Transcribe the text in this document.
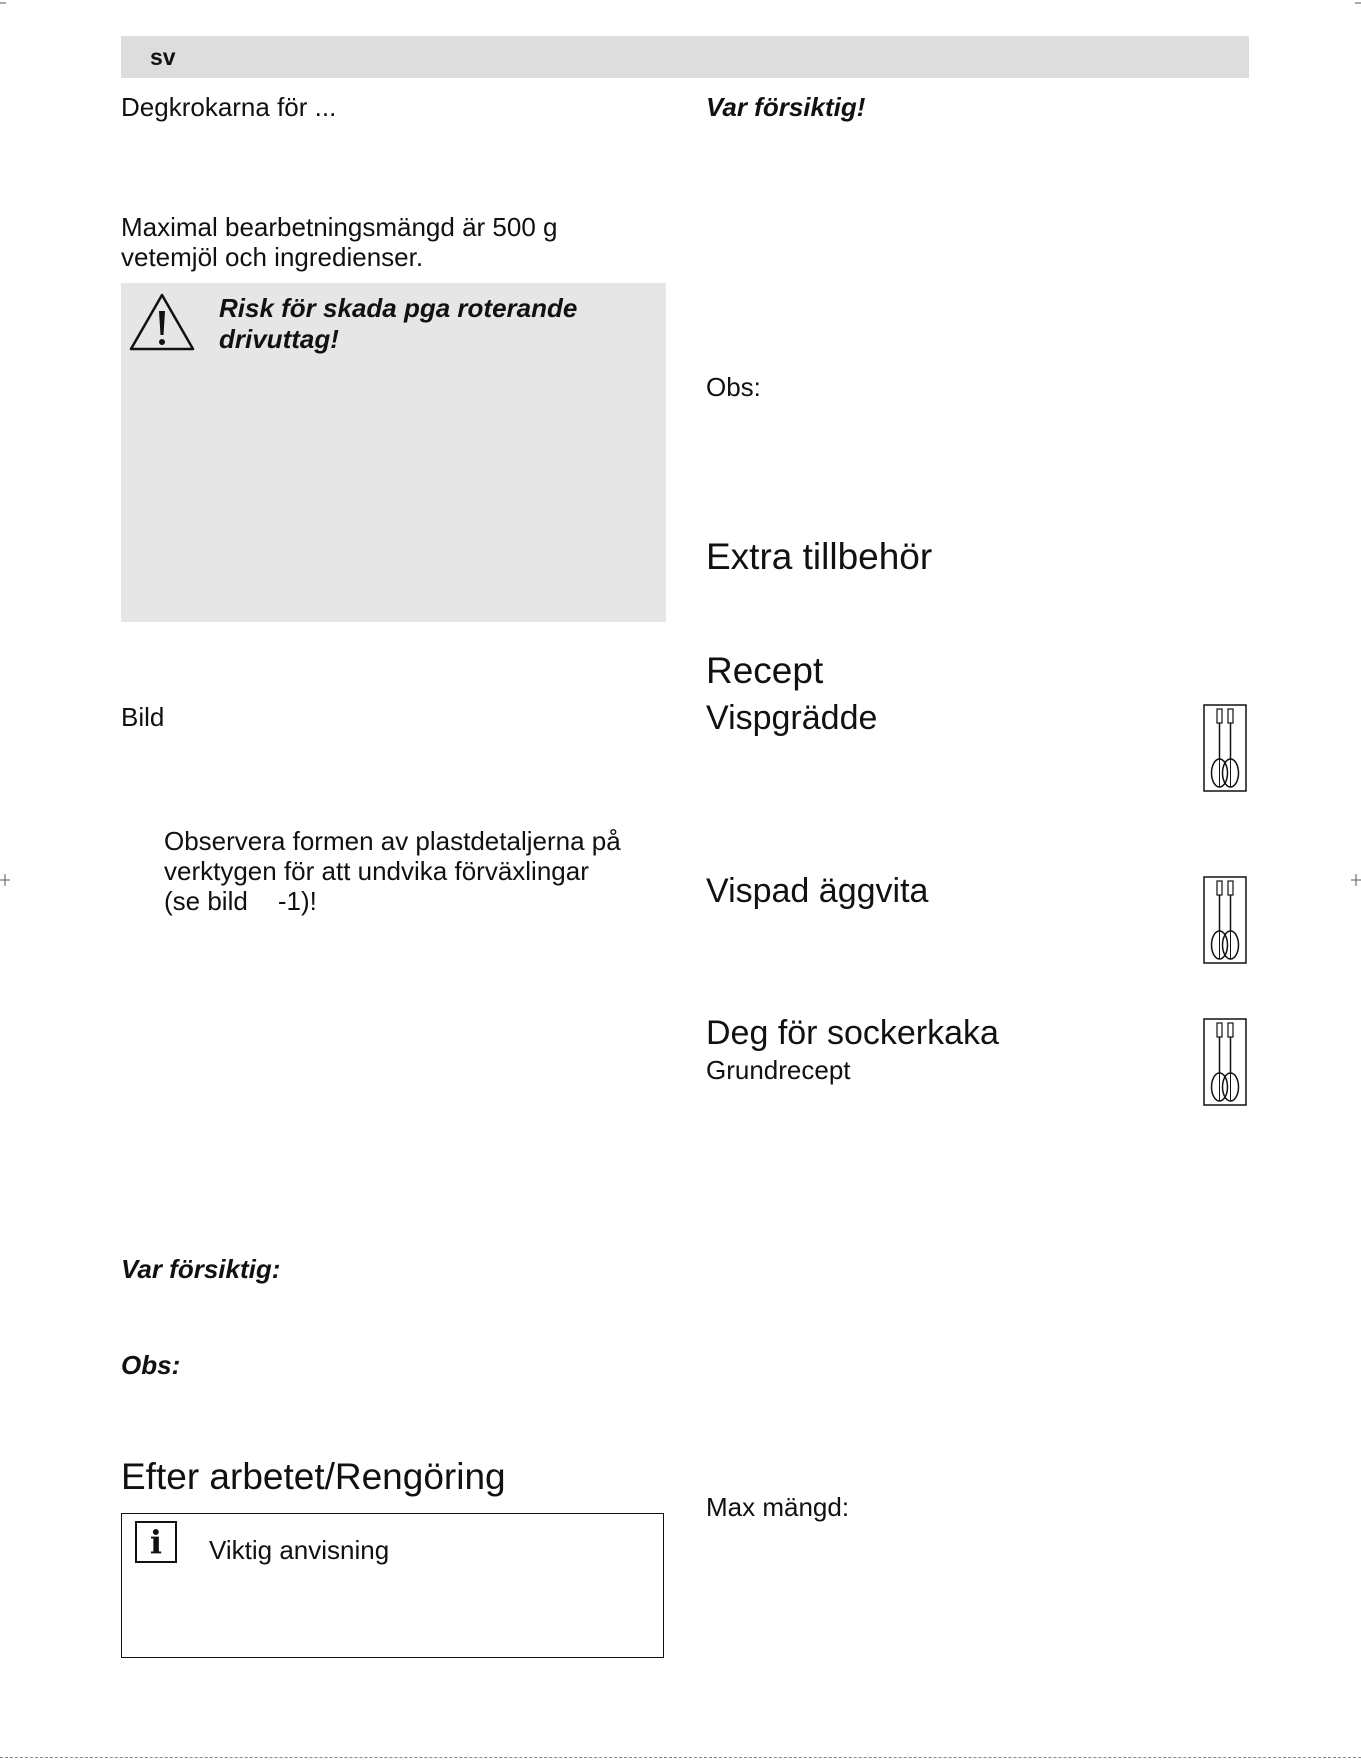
sv
Degkrokarna för ...
Maximal bearbetningsmängd är 500 g
vetemjöl och ingredienser.
Risk för skada pga roterande
drivuttag!
Bild
Observera formen av plastdetaljerna på
verktygen för att undvika förväxlingar
(se bild -1)!
Var försiktig:
Obs:
Efter arbetet/Rengöring
i	Viktig anvisning
Var försiktig!
Obs:
Extra tillbehör
Recept
Vispgrädde
Vispad äggvita
Deg för sockerkaka
Grundrecept
Max mängd:
